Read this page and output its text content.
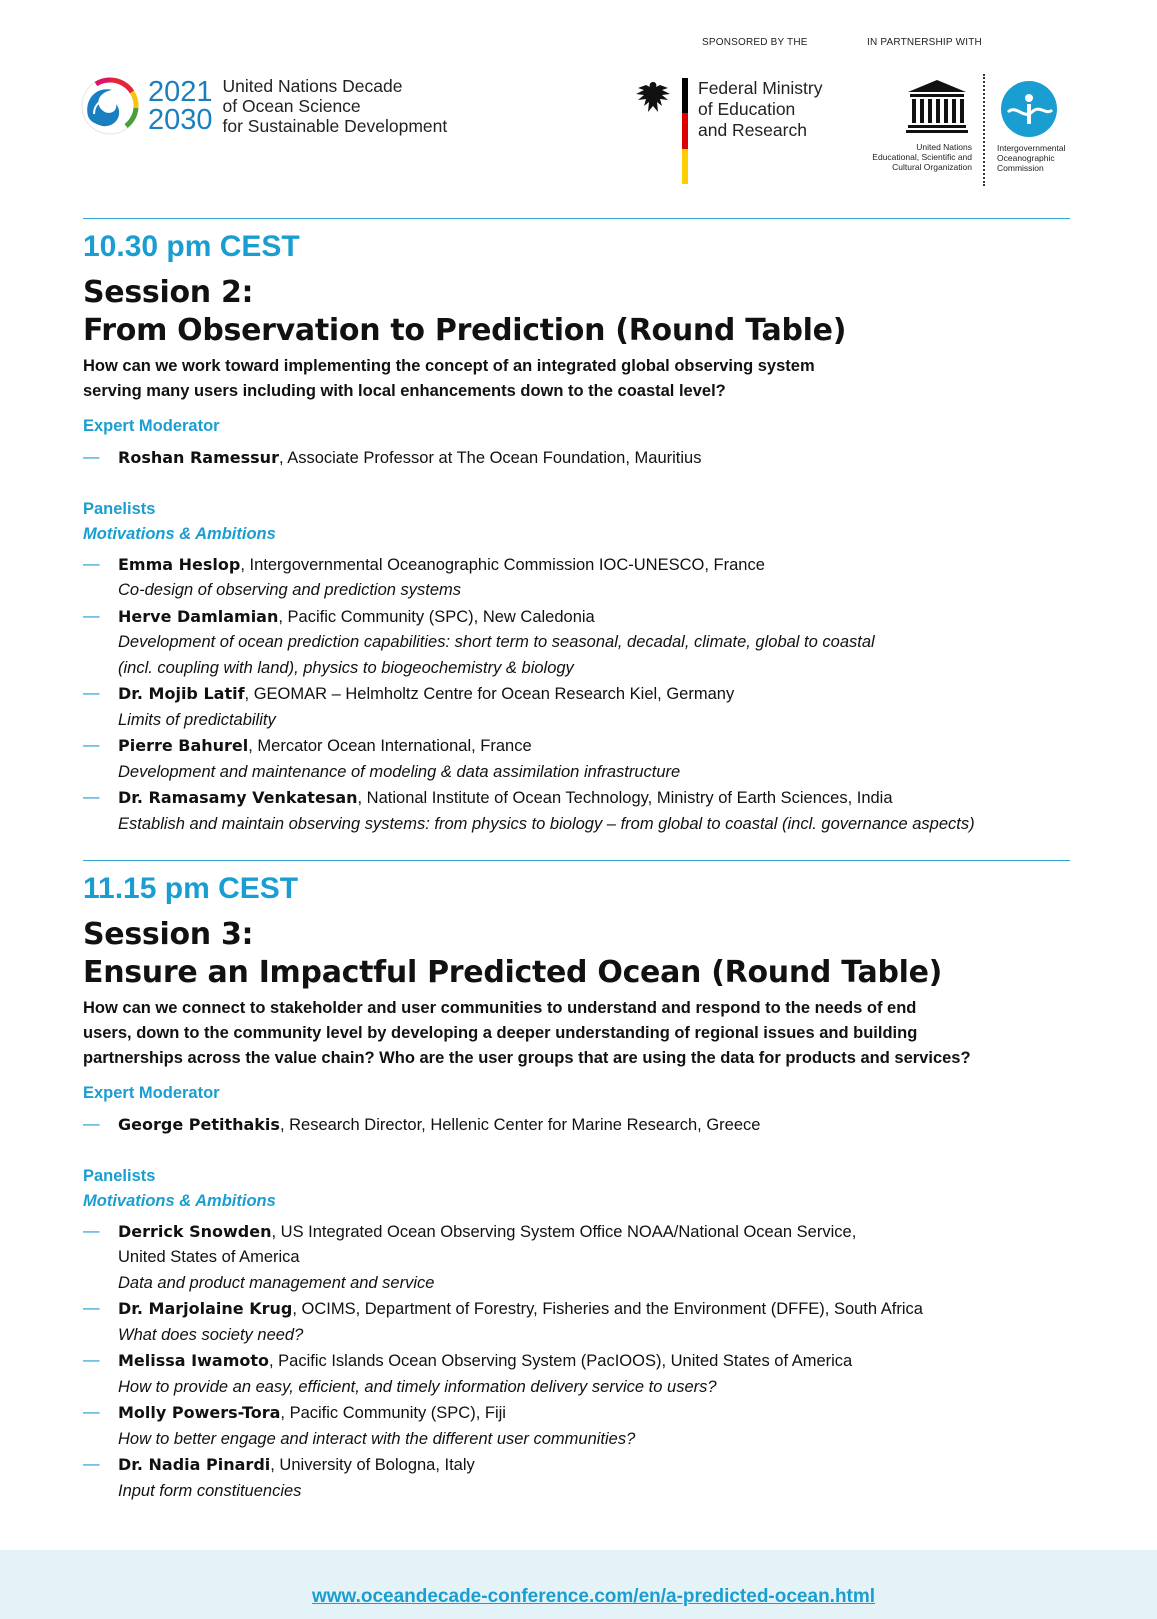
SPONSORED BY THE	IN PARTNERSHIP WITH
2021
2030
United Nations Decade
of Ocean Science
for Sustainable Development
Federal Ministry
of Education
and Research
United Nations
Educational, Scientific and
Cultural Organization
Intergovernmental
Oceanographic
Commission
10.30 pm CEST
Session 2:
From Observation to Prediction (Round Table)
How can we work toward implementing the concept of an integrated global observing system
serving many users including with local enhancements down to the coastal level?
Expert Moderator
— Roshan Ramessur, Associate Professor at The Ocean Foundation, Mauritius
Panelists
Motivations & Ambitions
— Emma Heslop, Intergovernmental Oceanographic Commission IOC-UNESCO, France
Co-design of observing and prediction systems
— Herve Damlamian, Pacific Community (SPC), New Caledonia
Development of ocean prediction capabilities: short term to seasonal, decadal, climate, global to coastal
(incl. coupling with land), physics to biogeochemistry & biology
— Dr. Mojib Latif, GEOMAR – Helmholtz Centre for Ocean Research Kiel, Germany
Limits of predictability
— Pierre Bahurel, Mercator Ocean International, France
Development and maintenance of modeling & data assimilation infrastructure
— Dr. Ramasamy Venkatesan, National Institute of Ocean Technology, Ministry of Earth Sciences, India
Establish and maintain observing systems: from physics to biology – from global to coastal (incl. governance aspects)
11.15 pm CEST
Session 3:
Ensure an Impactful Predicted Ocean (Round Table)
How can we connect to stakeholder and user communities to understand and respond to the needs of end
users, down to the community level by developing a deeper understanding of regional issues and building
partnerships across the value chain? Who are the user groups that are using the data for products and services?
Expert Moderator
— George Petithakis, Research Director, Hellenic Center for Marine Research, Greece
Panelists
Motivations & Ambitions
— Derrick Snowden, US Integrated Ocean Observing System Office NOAA/National Ocean Service,
United States of America
Data and product management and service
— Dr. Marjolaine Krug, OCIMS, Department of Forestry, Fisheries and the Environment (DFFE), South Africa
What does society need?
— Melissa Iwamoto, Pacific Islands Ocean Observing System (PacIOOS), United States of America
How to provide an easy, efficient, and timely information delivery service to users?
— Molly Powers-Tora, Pacific Community (SPC), Fiji
How to better engage and interact with the different user communities?
— Dr. Nadia Pinardi, University of Bologna, Italy
Input form constituencies
www.oceandecade-conference.com/en/a-predicted-ocean.html
